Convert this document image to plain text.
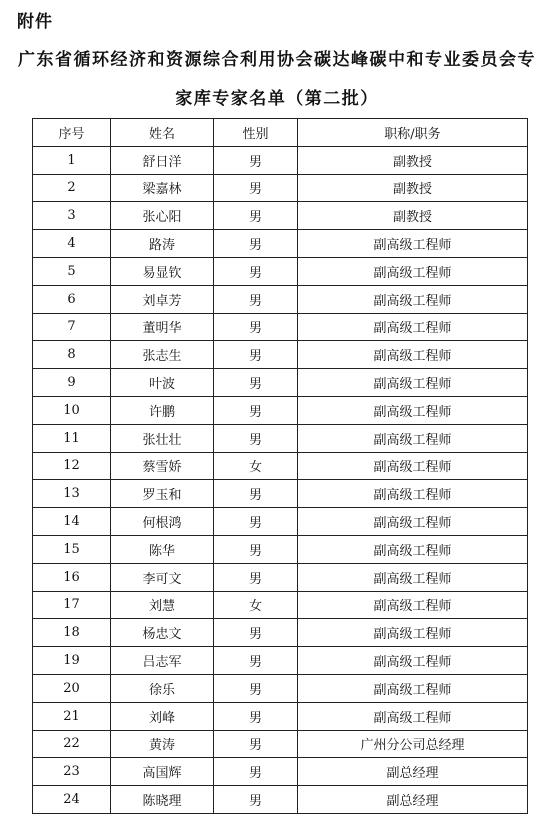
附件
广东省循环经济和资源综合利用协会碳达峰碳中和专业委员会专
家库专家名单（第二批）
序号	姓名	性别	职称/职务
1	舒日洋	男	副教授
2	梁嘉林	男	副教授
3	张心阳	男	副教授
4	路涛	男	副高级工程师
5	易显钦	男	副高级工程师
6	刘卓芳	男	副高级工程师
7	董明华	男	副高级工程师
8	张志生	男	副高级工程师
9	叶波	男	副高级工程师
10	许鹏	男	副高级工程师
11	张壮壮	男	副高级工程师
12	蔡雪娇	女	副高级工程师
13	罗玉和	男	副高级工程师
14	何根鸿	男	副高级工程师
15	陈华	男	副高级工程师
16	李可文	男	副高级工程师
17	刘慧	女	副高级工程师
18	杨忠文	男	副高级工程师
19	吕志军	男	副高级工程师
20	徐乐	男	副高级工程师
21	刘峰	男	副高级工程师
22	黄涛	男	广州分公司总经理
23	高国辉	男	副总经理
24	陈晓理	男	副总经理
